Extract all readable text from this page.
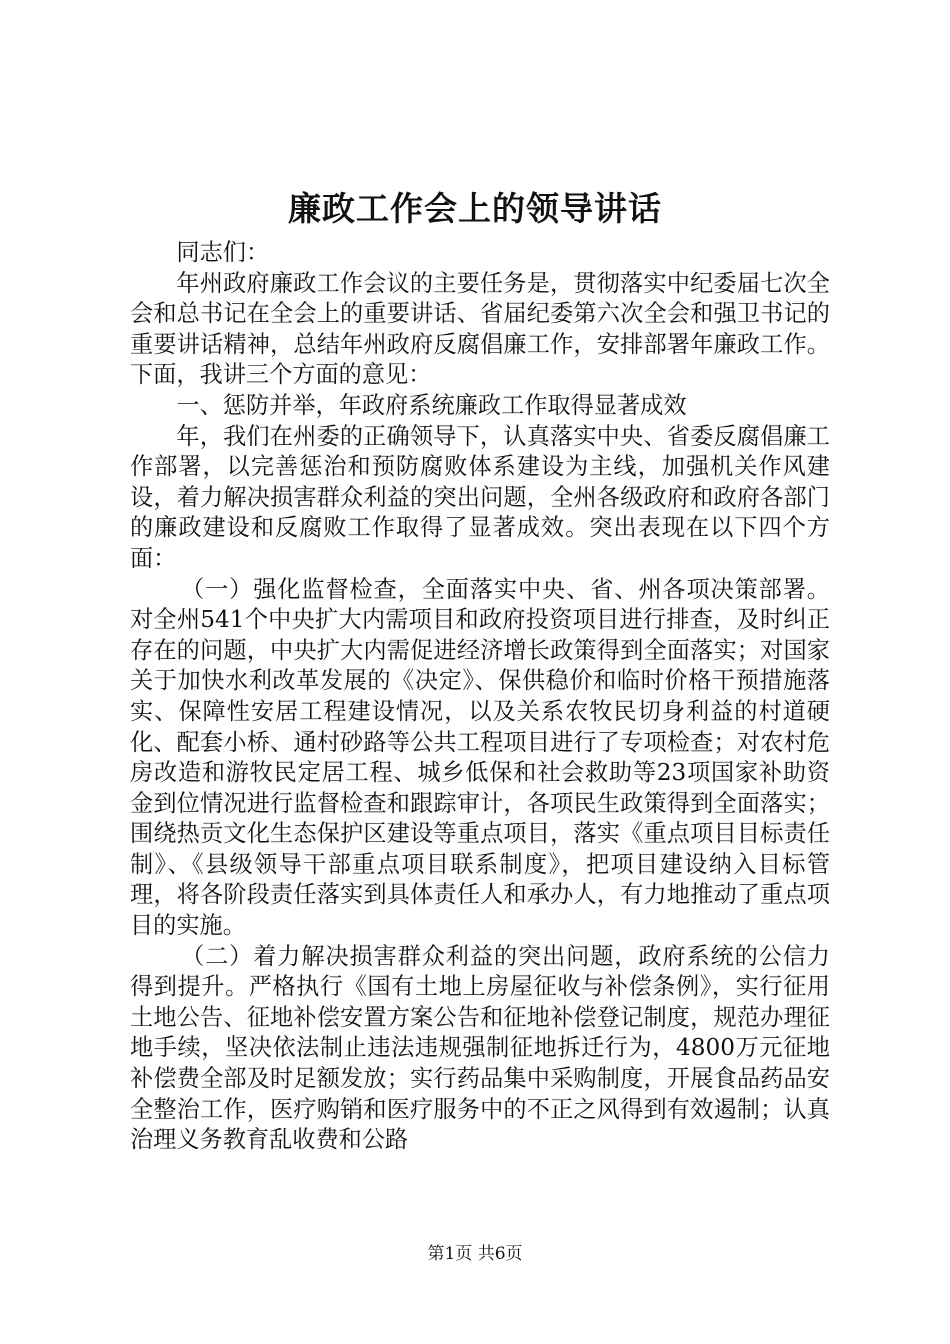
廉政工作会上的领导讲话

同志们：

年州政府廉政工作会议的主要任务是，贯彻落实中纪委届七次全会和总书记在全会上的重要讲话、省届纪委第六次全会和强卫书记的重要讲话精神，总结年州政府反腐倡廉工作，安排部署年廉政工作。下面，我讲三个方面的意见：

一、惩防并举，年政府系统廉政工作取得显著成效

年，我们在州委的正确领导下，认真落实中央、省委反腐倡廉工作部署，以完善惩治和预防腐败体系建设为主线，加强机关作风建设，着力解决损害群众利益的突出问题，全州各级政府和政府各部门的廉政建设和反腐败工作取得了显著成效。突出表现在以下四个方面：

（一）强化监督检查，全面落实中央、省、州各项决策部署。对全州541个中央扩大内需项目和政府投资项目进行排查，及时纠正存在的问题，中央扩大内需促进经济增长政策得到全面落实；对国家关于加快水利改革发展的《决定》、保供稳价和临时价格干预措施落实、保障性安居工程建设情况，以及关系农牧民切身利益的村道硬化、配套小桥、通村砂路等公共工程项目进行了专项检查；对农村危房改造和游牧民定居工程、城乡低保和社会救助等23项国家补助资金到位情况进行监督检查和跟踪审计，各项民生政策得到全面落实；围绕热贡文化生态保护区建设等重点项目，落实《重点项目目标责任制》、《县级领导干部重点项目联系制度》，把项目建设纳入目标管理，将各阶段责任落实到具体责任人和承办人，有力地推动了重点项目的实施。

（二）着力解决损害群众利益的突出问题，政府系统的公信力得到提升。严格执行《国有土地上房屋征收与补偿条例》，实行征用土地公告、征地补偿安置方案公告和征地补偿登记制度，规范办理征地手续，坚决依法制止违法违规强制征地拆迁行为，4800万元征地补偿费全部及时足额发放；实行药品集中采购制度，开展食品药品安全整治工作，医疗购销和医疗服务中的不正之风得到有效遏制；认真治理义务教育乱收费和公路

第1页 共6页
